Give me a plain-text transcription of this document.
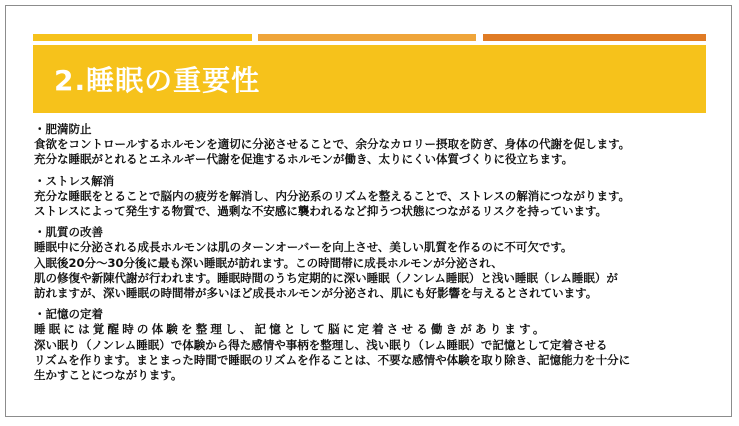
2.睡眠の重要性
・肥満防止
食欲をコントロールするホルモンを適切に分泌させることで、余分なカロリー摂取を防ぎ、身体の代謝を促します。
充分な睡眠がとれるとエネルギー代謝を促進するホルモンが働き、太りにくい体質づくりに役立ちます。
・ストレス解消
充分な睡眠をとることで脳内の疲労を解消し、内分泌系のリズムを整えることで、ストレスの解消につながります。
ストレスによって発生する物質で、過剰な不安感に襲われるなど抑うつ状態につながるリスクを持っています。
・肌質の改善
睡眠中に分泌される成長ホルモンは肌のターンオーバーを向上させ、美しい肌質を作るのに不可欠です。
入眠後20分～30分後に最も深い睡眠が訪れます。この時間帯に成長ホルモンが分泌され、
肌の修復や新陳代謝が行われます。睡眠時間のうち定期的に深い睡眠（ノンレム睡眠）と浅い睡眠（レム睡眠）が
訪れますが、深い睡眠の時間帯が多いほど成長ホルモンが分泌され、肌にも好影響を与えるとされています。
・記憶の定着
睡眠には覚醒時の体験を整理し、記憶として脳に定着させる働きがあります。
深い眠り（ノンレム睡眠）で体験から得た感情や事柄を整理し、浅い眠り（レム睡眠）で記憶として定着させる
リズムを作ります。まとまった時間で睡眠のリズムを作ることは、不要な感情や体験を取り除き、記憶能力を十分に
生かすことにつながります。
